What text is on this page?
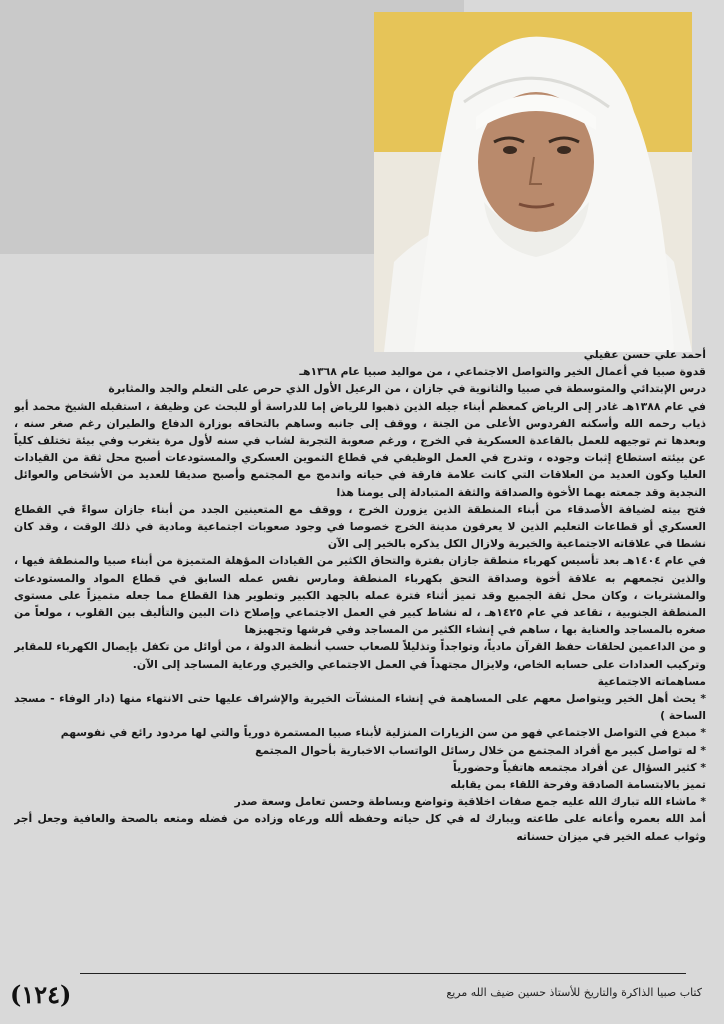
أحمد علي حسن عقيلي

قدوة صبيا في أعمال الخير والتواصل الاجتماعي ، من مواليد صبيا عام ١٣٦٨هـ

درس الإبتدائي والمتوسطة في صبيا والثانوية في جازان ، من الرعيل الأول الذي حرص على التعلم والجد والمثابرة

في عام ١٣٨٨هـ غادر إلى الرياض كمعظم أبناء جيله الذين ذهبوا للرياض إما للدراسة أو للبحث عن وظيفة ، استقبله الشيخ محمد أبو ذياب رحمه الله وأسكنه الفردوس الأعلى من الجنة ، ووقف إلى جانبه وساهم بالتحاقه بوزارة الدفاع والطيران رغم صغر سنه ، وبعدها تم توجيهه للعمل بالقاعدة العسكرية في الخرج ، ورغم صعوبة التجربة لشاب في سنه لأول مرة يتغرب وفي بيئة تختلف كلياً عن بيئته استطاع إثبات وجوده ، وتدرج في العمل الوظيفي في قطاع التموين العسكري والمستودعات أصبح محل ثقة من القيادات العليا وكون العديد من العلاقات التي كانت علامة فارقة في حياته واندمج مع المجتمع وأصبح صديقا للعديد من الأشخاص والعوائل النجدية وقد جمعته بهما الأخوة والصداقة والثقة المتبادلة إلى يومنا هذا

فتح بيته لضيافة الأصدقاء من أبناء المنطقة الذين يزورن الخرج ، ووقف مع المتعينين الجدد من أبناء جازان سواءً في القطاع العسكري أو قطاعات التعليم الذين لا يعرفون مدينة الخرج خصوصا في وجود صعوبات اجتماعية ومادية في ذلك الوقت ، وقد كان نشطا في علاقاته الاجتماعية والخيرية ولازال الكل يذكره بالخير إلى الآن

في عام ١٤٠٤هـ بعد تأسيس كهرباء منطقة جازان بفترة والتحاق الكثير من القيادات المؤهلة المتميزة من أبناء صبيا والمنطقة فيها ، والذين تجمعهم به علاقة أخوة وصداقة التحق بكهرباء المنطقة ومارس نفس عمله السابق في قطاع المواد والمستودعات والمشتريات ، وكان محل ثقة الجميع وقد تميز أثناء فترة عمله بالجهد الكبير وتطوير هذا القطاع مما جعله متميزاً على مستوى المنطقة الجنوبية ، تقاعد في عام ١٤٢٥هـ ، له نشاط كبير في العمل الاجتماعي وإصلاح ذات البين والتأليف بين القلوب ، مولعاً من صغره بالمساجد والعناية بها ، ساهم في إنشاء الكثير من المساجد وفي فرشها وتجهيزها

و من الداعمين لحلقات حفظ القرآن مادياً، وتواجداً وتذليلاً للصعاب حسب أنظمة الدولة ، من أوائل من تكفل بإيصال الكهرباء للمقابر وتركيب العدادات على حسابه الخاص، ولايزال مجتهداً في العمل الاجتماعي والخيري ورعاية المساجد إلى الآن.

مساهماته الاجتماعية

* يحث أهل الخير ويتواصل معهم على المساهمة في إنشاء المنشآت الخيرية والإشراف عليها حتى الانتهاء منها (دار الوفاء - مسجد الساحة )

* مبدع في التواصل الاجتماعي فهو من سن الزيارات المنزلية لأبناء صبيا المستمرة دورياً والتي لها مردود رائع في نفوسهم

* له تواصل كبير مع أفراد المجتمع من خلال رسائل الواتساب الاخبارية بأحوال المجتمع

* كثير السؤال عن أفراد مجتمعه هاتفياً وحضورياً

تميز بالابتسامة الصادقة وفرحة اللقاء بمن يقابله

* ماشاء الله تبارك الله عليه جمع صفات اخلاقية وتواضع وبساطة وحسن تعامل وسعة صدر

أمد الله بعمره وأعانه على طاعته ويبارك له في كل حياته وحفظه ألله ورعاه وزاده من فضله ومتعه بالصحة والعافية وجعل أجر وثواب عمله الخير في ميزان حسناته

كتاب صبيا الذاكرة والتاريخ للأستاذ حسين ضيف الله مريع
(١٢٤)
